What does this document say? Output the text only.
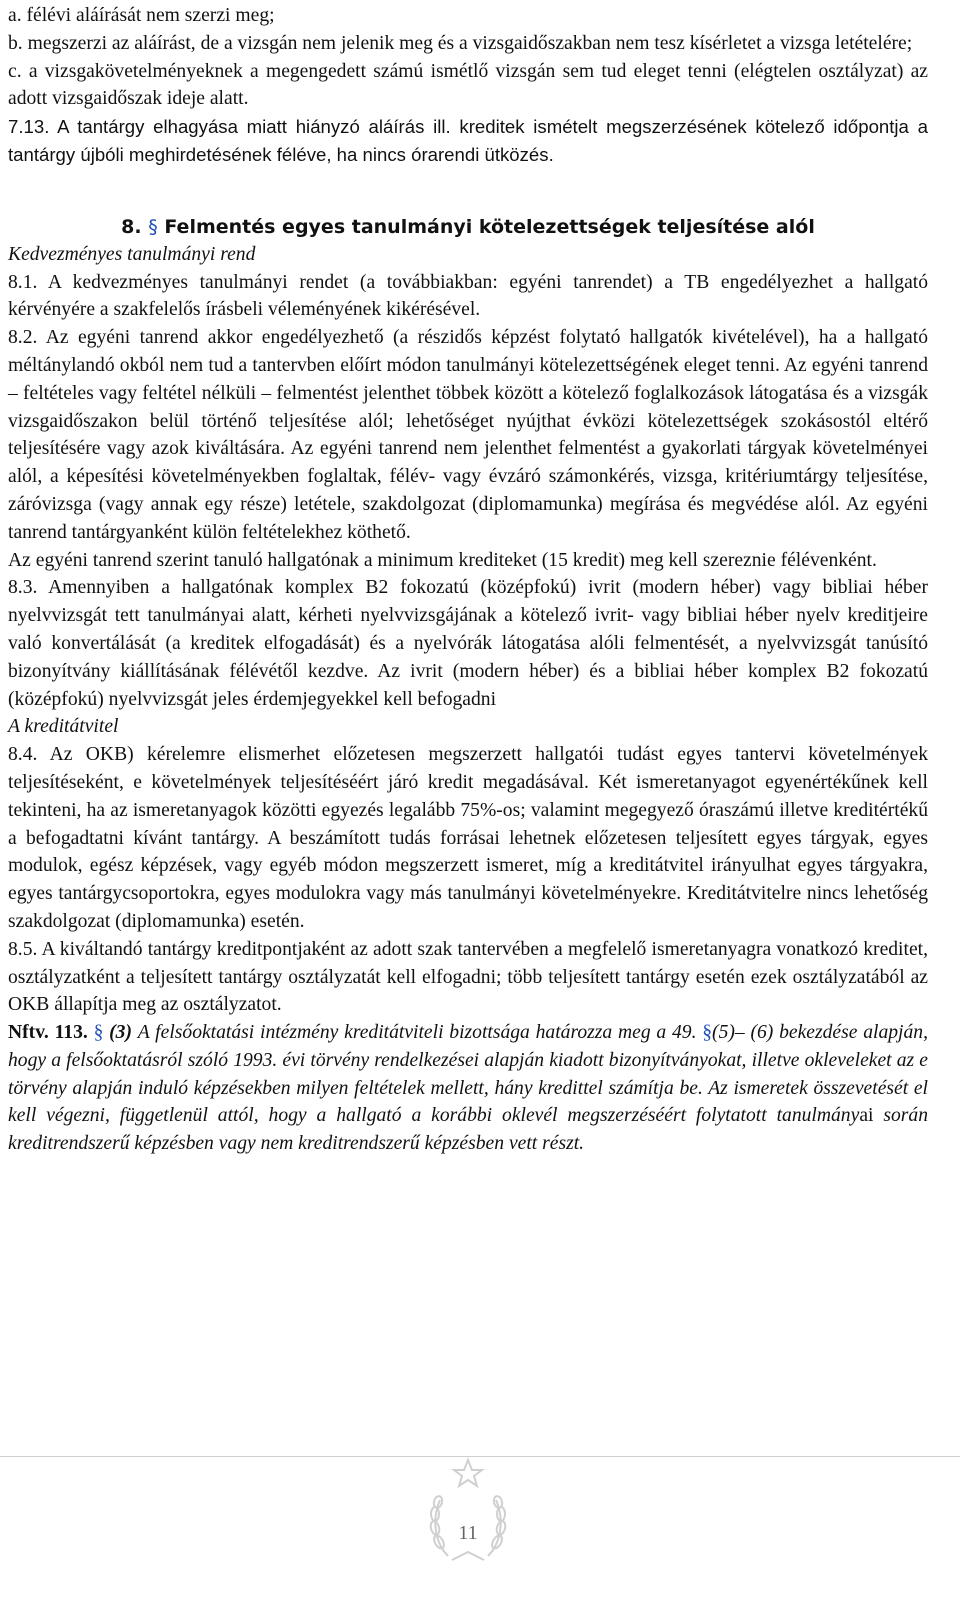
a. félévi aláírását nem szerzi meg;

b. megszerzi az aláírást, de a vizsgán nem jelenik meg és a vizsgaidőszakban nem tesz kísérletet a vizsga letételére;

c. a vizsgakövetelményeknek a megengedett számú ismétlő vizsgán sem tud eleget tenni (elégtelen osztályzat) az adott vizsgaidőszak ideje alatt.

7.13. A tantárgy elhagyása miatt hiányzó aláírás ill. kreditek ismételt megszerzésének kötelező időpontja a tantárgy újbóli meghirdetésének féléve, ha nincs órarendi ütközés.

8. § Felmentés egyes tanulmányi kötelezettségek teljesítése alól

Kedvezményes tanulmányi rend

8.1. A kedvezményes tanulmányi rendet (a továbbiakban: egyéni tanrendet) a TB engedélyezhet a hallgató kérvényére a szakfelelős írásbeli véleményének kikérésével.

8.2. Az egyéni tanrend akkor engedélyezhető (a részidős képzést folytató hallgatók kivételével), ha a hallgató méltánylandó okból nem tud a tantervben előírt módon tanulmányi kötelezettségének eleget tenni. Az egyéni tanrend – feltételes vagy feltétel nélküli – felmentést jelenthet többek között a kötelező foglalkozások látogatása és a vizsgák vizsgaidőszakon belül történő teljesítése alól; lehetőséget nyújthat évközi kötelezettségek szokásostól eltérő teljesítésére vagy azok kiváltására. Az egyéni tanrend nem jelenthet felmentést a gyakorlati tárgyak követelményei alól, a képesítési követelményekben foglaltak, félév- vagy évzáró számonkérés, vizsga, kritériumtárgy teljesítése, záróvizsga (vagy annak egy része) letétele, szakdolgozat (diplomamunka) megírása és megvédése alól. Az egyéni tanrend tantárgyanként külön feltételekhez köthető.

Az egyéni tanrend szerint tanuló hallgatónak a minimum krediteket (15 kredit) meg kell szereznie félévenként.

8.3. Amennyiben a hallgatónak komplex B2 fokozatú (középfokú) ivrit (modern héber) vagy bibliai héber nyelvvizsgát tett tanulmányai alatt, kérheti nyelvvizsgájának a kötelező ivrit- vagy bibliai héber nyelv kreditjeire való konvertálását (a kreditek elfogadását) és a nyelvórák látogatása alóli felmentését, a nyelvvizsgát tanúsító bizonyítvány kiállításának félévétől kezdve. Az ivrit (modern héber) és a bibliai héber komplex B2 fokozatú (középfokú) nyelvvizsgát jeles érdemjegyekkel kell befogadni

A kreditátvitel

8.4. Az OKB) kérelemre elismerhet előzetesen megszerzett hallgatói tudást egyes tantervi követelmények teljesítéseként, e követelmények teljesítéséért járó kredit megadásával. Két ismeretanyagot egyenértékűnek kell tekinteni, ha az ismeretanyagok közötti egyezés legalább 75%-os; valamint megegyező óraszámú illetve kreditértékű a befogadtatni kívánt tantárgy. A beszámított tudás forrásai lehetnek előzetesen teljesített egyes tárgyak, egyes modulok, egész képzések, vagy egyéb módon megszerzett ismeret, míg a kreditátvitel irányulhat egyes tárgyakra, egyes tantárgycsoportokra, egyes modulokra vagy más tanulmányi követelményekre. Kreditátvitelre nincs lehetőség szakdolgozat (diplomamunka) esetén.

8.5. A kiváltandó tantárgy kreditpontjaként az adott szak tantervében a megfelelő ismeretanyagra vonatkozó kreditet, osztályzatként a teljesített tantárgy osztályzatát kell elfogadni; több teljesített tantárgy esetén ezek osztályzatából az OKB állapítja meg az osztályzatot.

Nftv. 113. § (3) A felsőoktatási intézmény kreditátviteli bizottsága határozza meg a 49. §(5)– (6) bekezdése alapján, hogy a felsőoktatásról szóló 1993. évi törvény rendelkezései alapján kiadott bizonyítványokat, illetve okleveleket az e törvény alapján induló képzésekben milyen feltételek mellett, hány kredittel számítja be. Az ismeretek összevetését el kell végezni, függetlenül attól, hogy a hallgató a korábbi oklevél megszerzéséért folytatott tanulmányai során kreditrendszerű képzésben vagy nem kreditrendszerű képzésben vett részt.

11
